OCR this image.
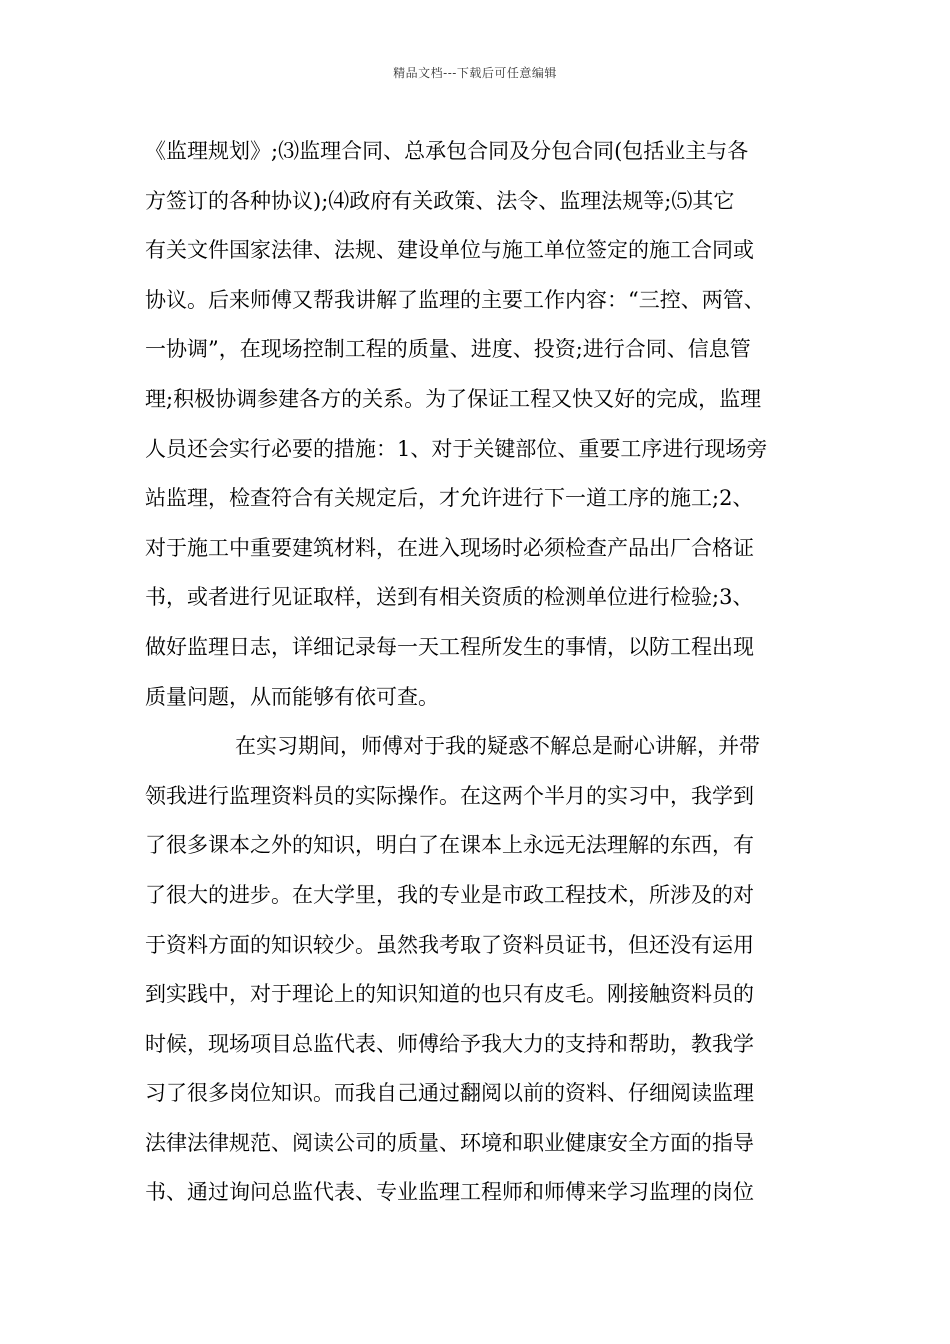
精品文档---下载后可任意编辑
《监理规划》;⑶监理合同、总承包合同及分包合同(包括业主与各
方签订的各种协议);⑷政府有关政策、法令、监理法规等;⑸其它
有关文件国家法律、法规、建设单位与施工单位签定的施工合同或
协议。后来师傅又帮我讲解了监理的主要工作内容：“三控、两管、
一协调”，在现场控制工程的质量、进度、投资;进行合同、信息管
理;积极协调参建各方的关系。为了保证工程又快又好的完成，监理
人员还会实行必要的措施：1、对于关键部位、重要工序进行现场旁
站监理，检查符合有关规定后，才允许进行下一道工序的施工;2、
对于施工中重要建筑材料，在进入现场时必须检查产品出厂合格证
书，或者进行见证取样，送到有相关资质的检测单位进行检验;3、
做好监理日志，详细记录每一天工程所发生的事情，以防工程出现
质量问题，从而能够有依可查。
在实习期间，师傅对于我的疑惑不解总是耐心讲解，并带
领我进行监理资料员的实际操作。在这两个半月的实习中，我学到
了很多课本之外的知识，明白了在课本上永远无法理解的东西，有
了很大的进步。在大学里，我的专业是市政工程技术，所涉及的对
于资料方面的知识较少。虽然我考取了资料员证书，但还没有运用
到实践中，对于理论上的知识知道的也只有皮毛。刚接触资料员的
时候，现场项目总监代表、师傅给予我大力的支持和帮助，教我学
习了很多岗位知识。而我自己通过翻阅以前的资料、仔细阅读监理
法律法律规范、阅读公司的质量、环境和职业健康安全方面的指导
书、通过询问总监代表、专业监理工程师和师傅来学习监理的岗位
